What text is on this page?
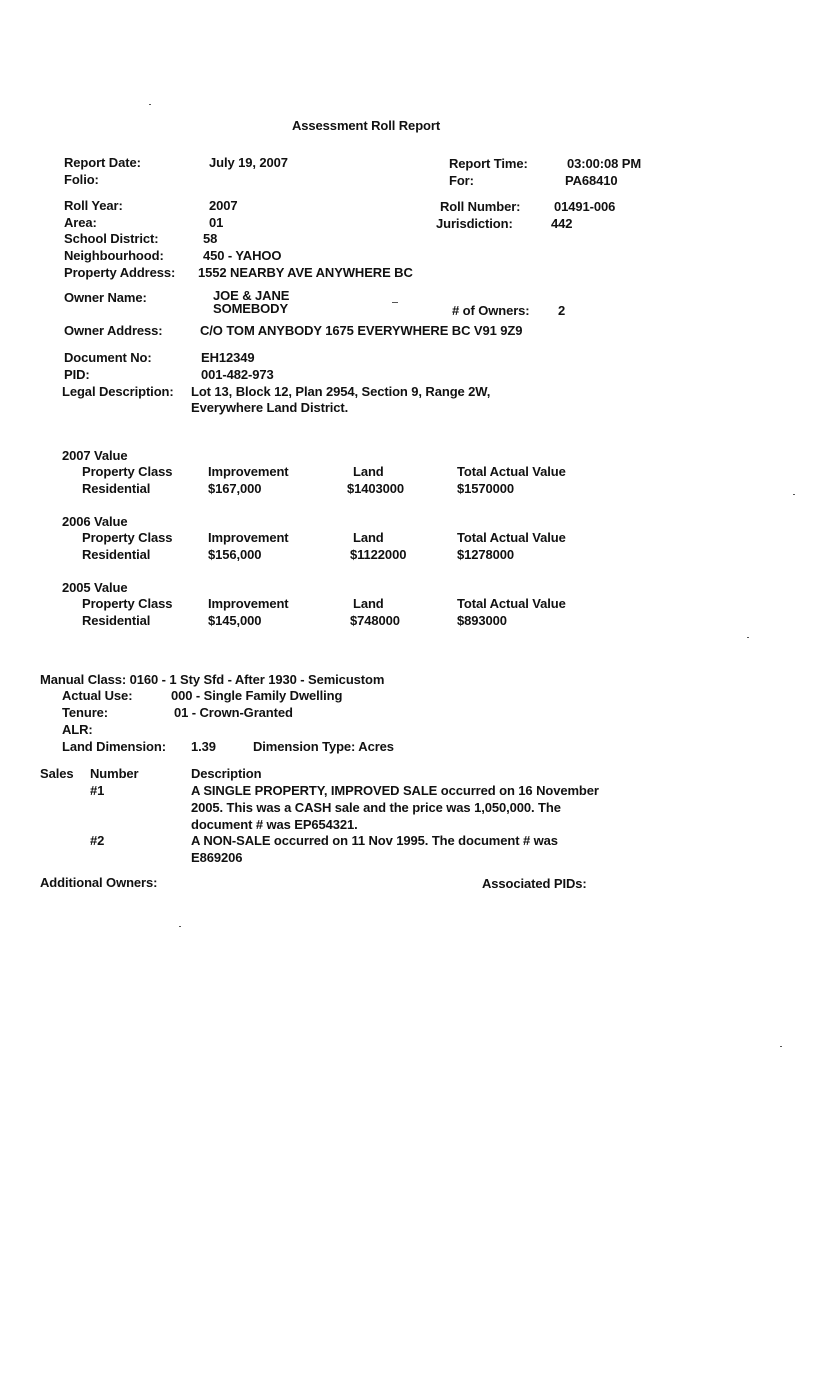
Assessment Roll Report
Report Date:	July 19, 2007
Folio:
Report Time:	03:00:08 PM
For:	PA68410
Roll Year:	2007
Area:	01
School District:	58
Neighbourhood:	450 - YAHOO
Property Address: 1552 NEARBY AVE ANYWHERE BC
Roll Number:	01491-006
Jurisdiction:	442
Owner Name:	JOE & JANE
SOMEBODY	# of Owners: 2
Owner Address:	C/O TOM ANYBODY 1675 EVERYWHERE BC V91 9Z9
Document No:	EH12349
PID:	001-482-973
Legal Description: Lot 13, Block 12, Plan 2954, Section 9, Range 2W,
Everywhere Land District.
2007 Value
Property Class	Improvement	Land	Total Actual Value
Residential	$167,000	$1403000	$1570000
2006 Value
Property Class	Improvement	Land	Total Actual Value
Residential	$156,000	$1122000	$1278000
2005 Value
Property Class	Improvement	Land	Total Actual Value
Residential	$145,000	$748000	$893000
Manual Class: 0160 - 1 Sty Sfd - After 1930 - Semicustom
Actual Use:	000 - Single Family Dwelling
Tenure:	01 - Crown-Granted
ALR:
Land Dimension: 1.39	Dimension Type: Acres
Sales Number	Description
#1	A SINGLE PROPERTY, IMPROVED SALE occurred on 16 November
2005. This was a CASH sale and the price was 1,050,000. The
document # was EP654321.
#2	A NON-SALE occurred on 11 Nov 1995. The document # was
E869206
Additional Owners:	Associated PIDs:
